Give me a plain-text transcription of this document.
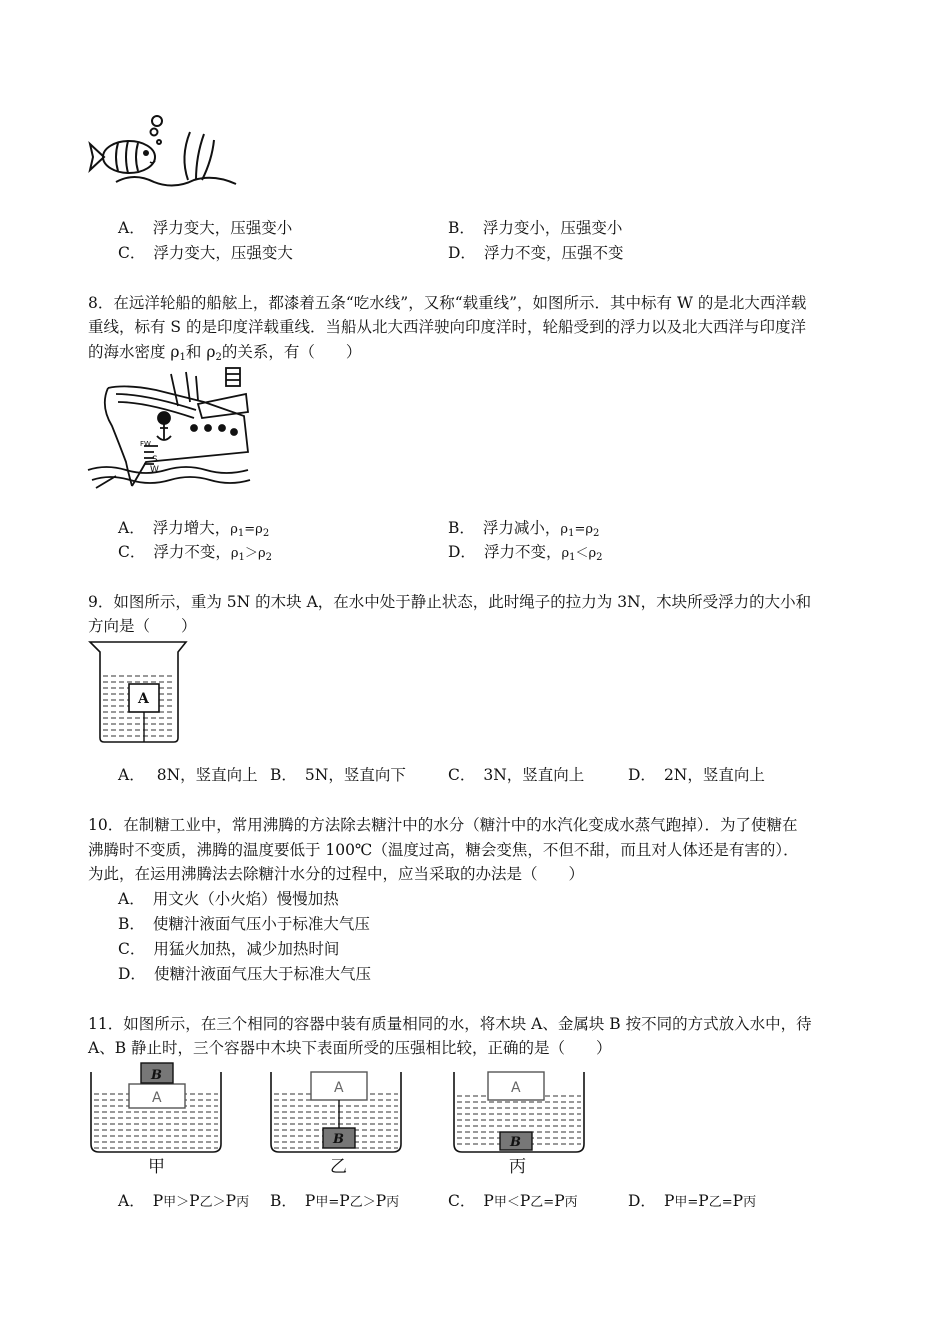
A． 浮力变大，压强变小	B． 浮力变小，压强变小
C． 浮力变大，压强变大	D． 浮力不变，压强不变
8．在远洋轮船的船舷上，都漆着五条“吃水线”，又称“载重线”，如图所示．其中标有 W 的是北大西洋载
重线，标有 S 的是印度洋载重线．当船从北大西洋驶向印度洋时，轮船受到的浮力以及北大西洋与印度洋
的海水密度 $\rho_1$和 $\rho_2$的关系，有（　　）
FW
S
W
A． 浮力增大，$\rho_1=\rho_2$	B． 浮力减小，$\rho_1=\rho_2$
C． 浮力不变，$\rho_1>\rho_2$	D． 浮力不变，$\rho_1<\rho_2$
9．如图所示，重为 5N 的木块 A，在水中处于静止状态，此时绳子的拉力为 3N，木块所受浮力的大小和
方向是（　　）
A
A． 8N，竖直向上 B． 5N，竖直向下	C． 3N，竖直向上	D． 2N，竖直向上
10．在制糖工业中，常用沸腾的方法除去糖汁中的水分（糖汁中的水汽化变成水蒸气跑掉）．为了使糖在
沸腾时不变质，沸腾的温度要低于 100℃（温度过高，糖会变焦，不但不甜，而且对人体还是有害的）．
为此，在运用沸腾法去除糖汁水分的过程中，应当采取的办法是（　　）
A． 用文火（小火焰）慢慢加热
B． 使糖汁液面气压小于标准大气压
C． 用猛火加热，减少加热时间
D． 使糖汁液面气压大于标准大气压
11．如图所示，在三个相同的容器中装有质量相同的水，将木块 A、金属块 B 按不同的方式放入水中，待
A、B 静止时，三个容器中木块下表面所受的压强相比较，正确的是（　　）
A
B
甲
A
B
乙
A
B
丙
A． P甲＞P乙＞P丙 B． P甲=P乙＞P丙	C． P甲＜P乙=P丙	D． P甲=P乙=P丙
